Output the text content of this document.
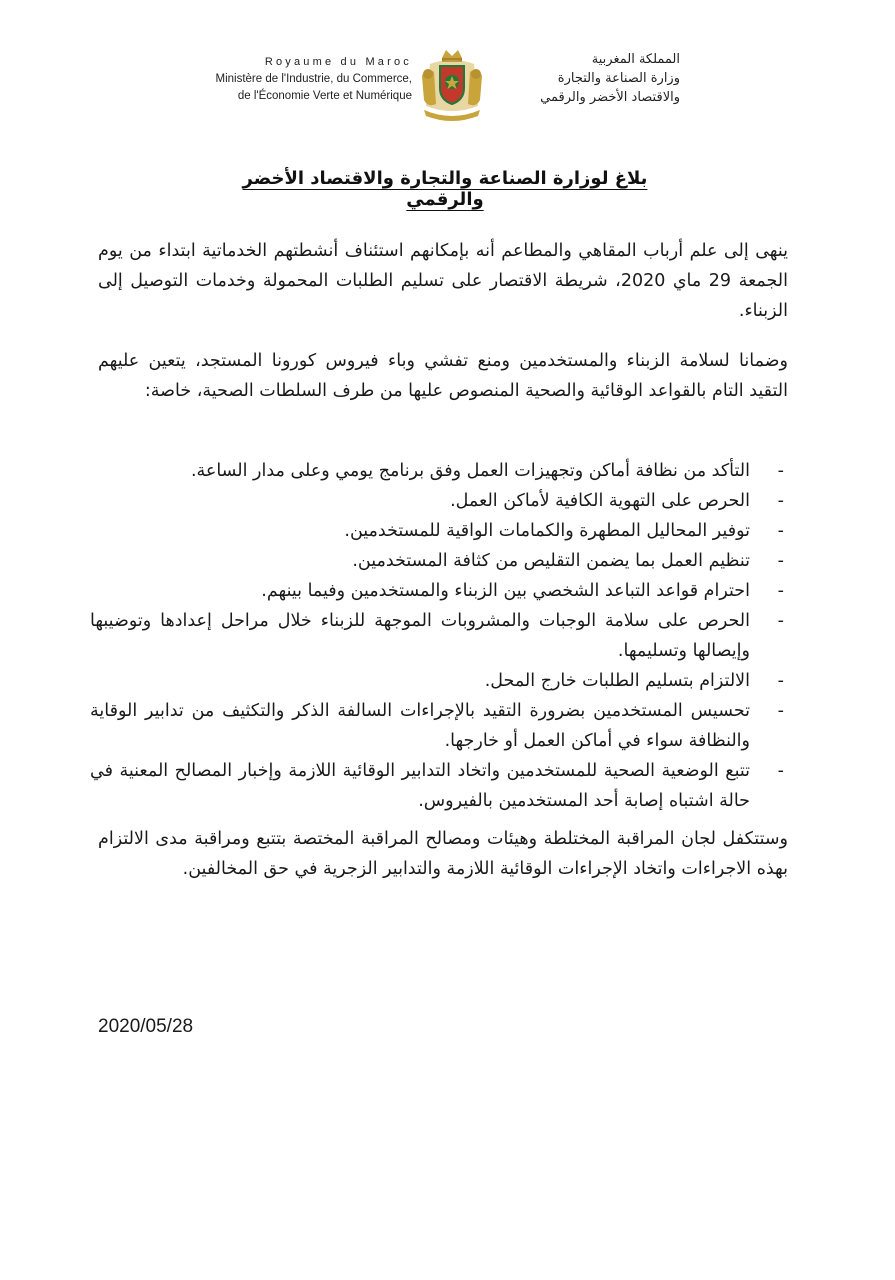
Royaume du Maroc
Ministère de l'Industrie, du Commerce,
de l'Économie Verte et Numérique
المملكة المغربية
وزارة الصناعة والتجارة
والاقتصاد الأخضر والرقمي
بلاغ لوزارة الصناعة والتجارة والاقتصاد الأخضر والرقمي

ينهى إلى علم أرباب المقاهي والمطاعم أنه بإمكانهم استئناف أنشطتهم الخدماتية ابتداء من يوم الجمعة 29 ماي 2020، شريطة الاقتصار على تسليم الطلبات المحمولة وخدمات التوصيل إلى الزبناء.

وضمانا لسلامة الزبناء والمستخدمين ومنع تفشي وباء فيروس كورونا المستجد، يتعين عليهم التقيد التام بالقواعد الوقائية والصحية المنصوص عليها من طرف السلطات الصحية، خاصة:

-
التأكد من نظافة أماكن وتجهيزات العمل وفق برنامج يومي وعلى مدار الساعة.
-
الحرص على التهوية الكافية لأماكن العمل.
-
توفير المحاليل المطهرة والكمامات الواقية للمستخدمين.
-
تنظيم العمل بما يضمن التقليص من كثافة المستخدمين.
-
احترام قواعد التباعد الشخصي بين الزبناء والمستخدمين وفيما بينهم.
-
الحرص على سلامة الوجبات والمشروبات الموجهة للزبناء خلال مراحل إعدادها وتوضيبها وإيصالها وتسليمها.
-
الالتزام بتسليم الطلبات خارج المحل.
-
تحسيس المستخدمين بضرورة التقيد بالإجراءات السالفة الذكر والتكثيف من تدابير الوقاية والنظافة سواء في أماكن العمل أو خارجها.
-
تتبع الوضعية الصحية للمستخدمين واتخاد التدابير الوقائية اللازمة وإخبار المصالح المعنية في حالة اشتباه إصابة أحد المستخدمين بالفيروس.

وستتكفل لجان المراقبة المختلطة وهيئات ومصالح المراقبة المختصة بتتبع ومراقبة مدى الالتزام بهذه الاجراءات واتخاد الإجراءات الوقائية اللازمة والتدابير الزجرية في حق المخالفين.

2020/05/28
